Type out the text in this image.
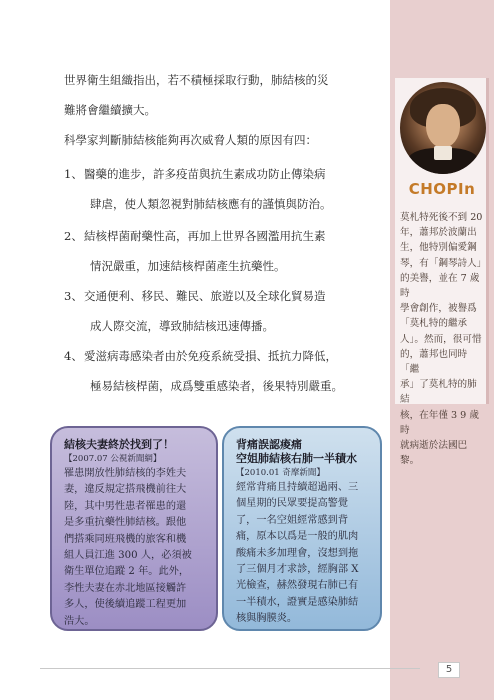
CHOPIn
莫札特死後不到 20
年，蕭邦於波蘭出
生，他特別偏愛鋼
琴，有「鋼琴詩人」
的美譽，並在 7 歲時
學會創作，被譽爲
「莫札特的繼承
人」。然而，很可惜
的，蕭邦也同時「繼
承」了莫札特的肺結
核，在年僅 3 9 歲時
就病逝於法國巴黎。
世界衛生組織指出，若不積極採取行動，肺結核的災
難將會繼續擴大。
科學家判斷肺結核能夠再次威脅人類的原因有四：
1、 醫藥的進步，許多疫苗與抗生素成功防止傳染病
肆虐，使人類忽視對肺結核應有的謹慎與防治。
2、 結核桿菌耐藥性高，再加上世界各國濫用抗生素
情況嚴重，加速結核桿菌產生抗藥性。
3、 交通便利、移民、難民、旅遊以及全球化貿易造
成人際交流，導致肺結核迅速傳播。
4、 愛滋病毒感染者由於免疫系統受損、抵抗力降低，
極易結核桿菌，成爲雙重感染者，後果特別嚴重。
結核夫妻終於找到了！
【2007.07 公視新聞網】
罹患開放性肺結核的李姓夫
妻，違反規定搭飛機前往大
陸，其中男性患者罹患的還
是多重抗藥性肺結核。跟他
們搭乘同班飛機的旅客和機
組人員江進 300 人，必須被
衛生單位追蹤 2 年。此外，
李性夫妻在赤北地區接觸許
多人，使後續追蹤工程更加
浩大。
背痛誤認痠痛
空姐肺結核右肺一半積水
【2010.01 奇摩新聞】
經常背痛且持續超過兩、三
個星期的民眾要提高警覺
了，一名空姐經常感到背
痛，原本以爲是一般的肌肉
酸痛未多加理會，沒想到拖
了三個月才求診，經胸部 X
光檢查，赫然發現右肺已有
一半積水，證實是感染肺結
核與胸膜炎。
5
